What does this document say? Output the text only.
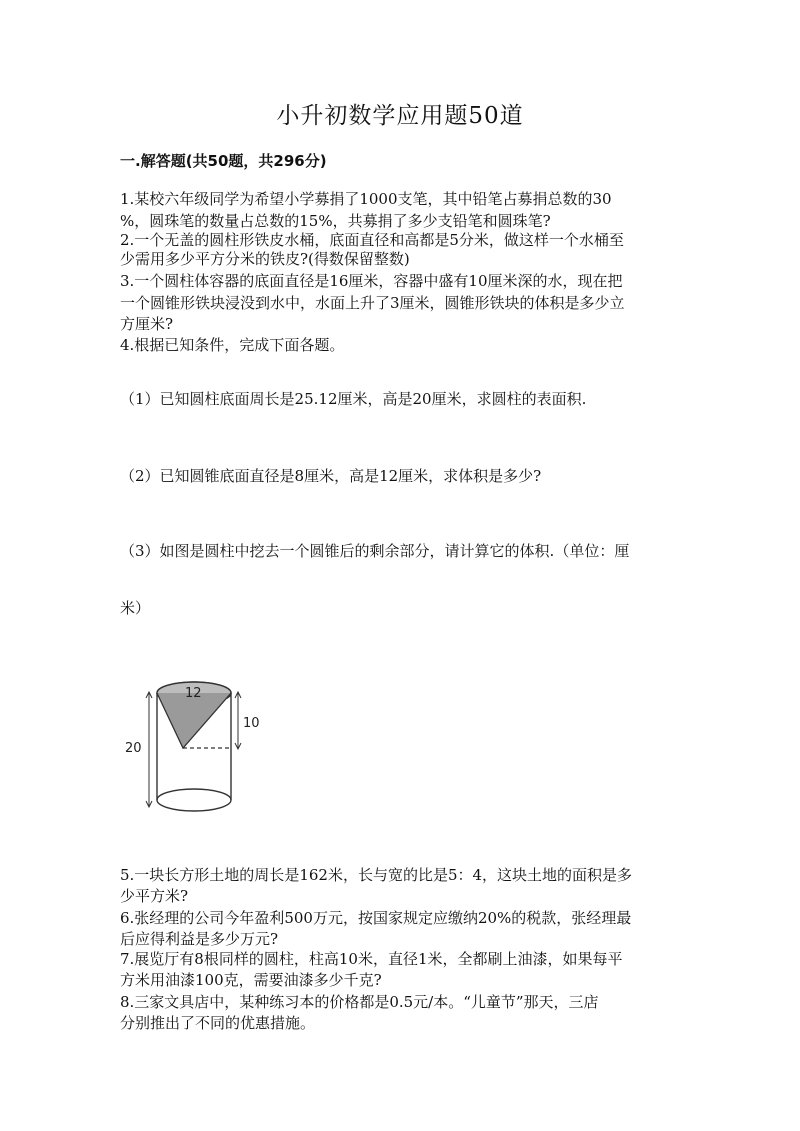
小升初数学应用题50道
一.解答题(共50题，共296分)
1.某校六年级同学为希望小学募捐了1000支笔，其中铅笔占募捐总数的30
%，圆珠笔的数量占总数的15%，共募捐了多少支铅笔和圆珠笔?
2.一个无盖的圆柱形铁皮水桶，底面直径和高都是5分米，做这样一个水桶至
少需用多少平方分米的铁皮?(得数保留整数)
3.一个圆柱体容器的底面直径是16厘米，容器中盛有10厘米深的水，现在把
一个圆锥形铁块浸没到水中，水面上升了3厘米，圆锥形铁块的体积是多少立
方厘米?
4.根据已知条件，完成下面各题。
（1）已知圆柱底面周长是25.12厘米，高是20厘米，求圆柱的表面积.
（2）已知圆锥底面直径是8厘米，高是12厘米，求体积是多少?
（3）如图是圆柱中挖去一个圆锥后的剩余部分，请计算它的体积.（单位：厘
米）
20
10
12
5.一块长方形土地的周长是162米，长与宽的比是5：4，这块土地的面积是多
少平方米?
6.张经理的公司今年盈利500万元，按国家规定应缴纳20%的税款，张经理最
后应得利益是多少万元?
7.展览厅有8根同样的圆柱，柱高10米，直径1米，全都刷上油漆，如果每平
方米用油漆100克，需要油漆多少千克?
8.三家文具店中，某种练习本的价格都是0.5元/本。“儿童节”那天，三店
分别推出了不同的优惠措施。
